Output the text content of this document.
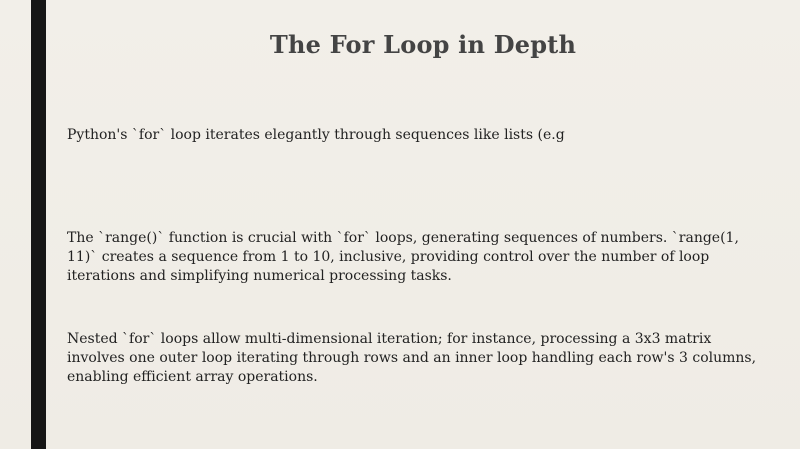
The For Loop in Depth
Python's `for` loop iterates elegantly through sequences like lists (e.g
The `range()` function is crucial with `for` loops, generating sequences of numbers. `range(1, 11)` creates a sequence from 1 to 10, inclusive, providing control over the number of loop iterations and simplifying numerical processing tasks.
Nested `for` loops allow multi-dimensional iteration; for instance, processing a 3x3 matrix involves one outer loop iterating through rows and an inner loop handling each row's 3 columns, enabling efficient array operations.
